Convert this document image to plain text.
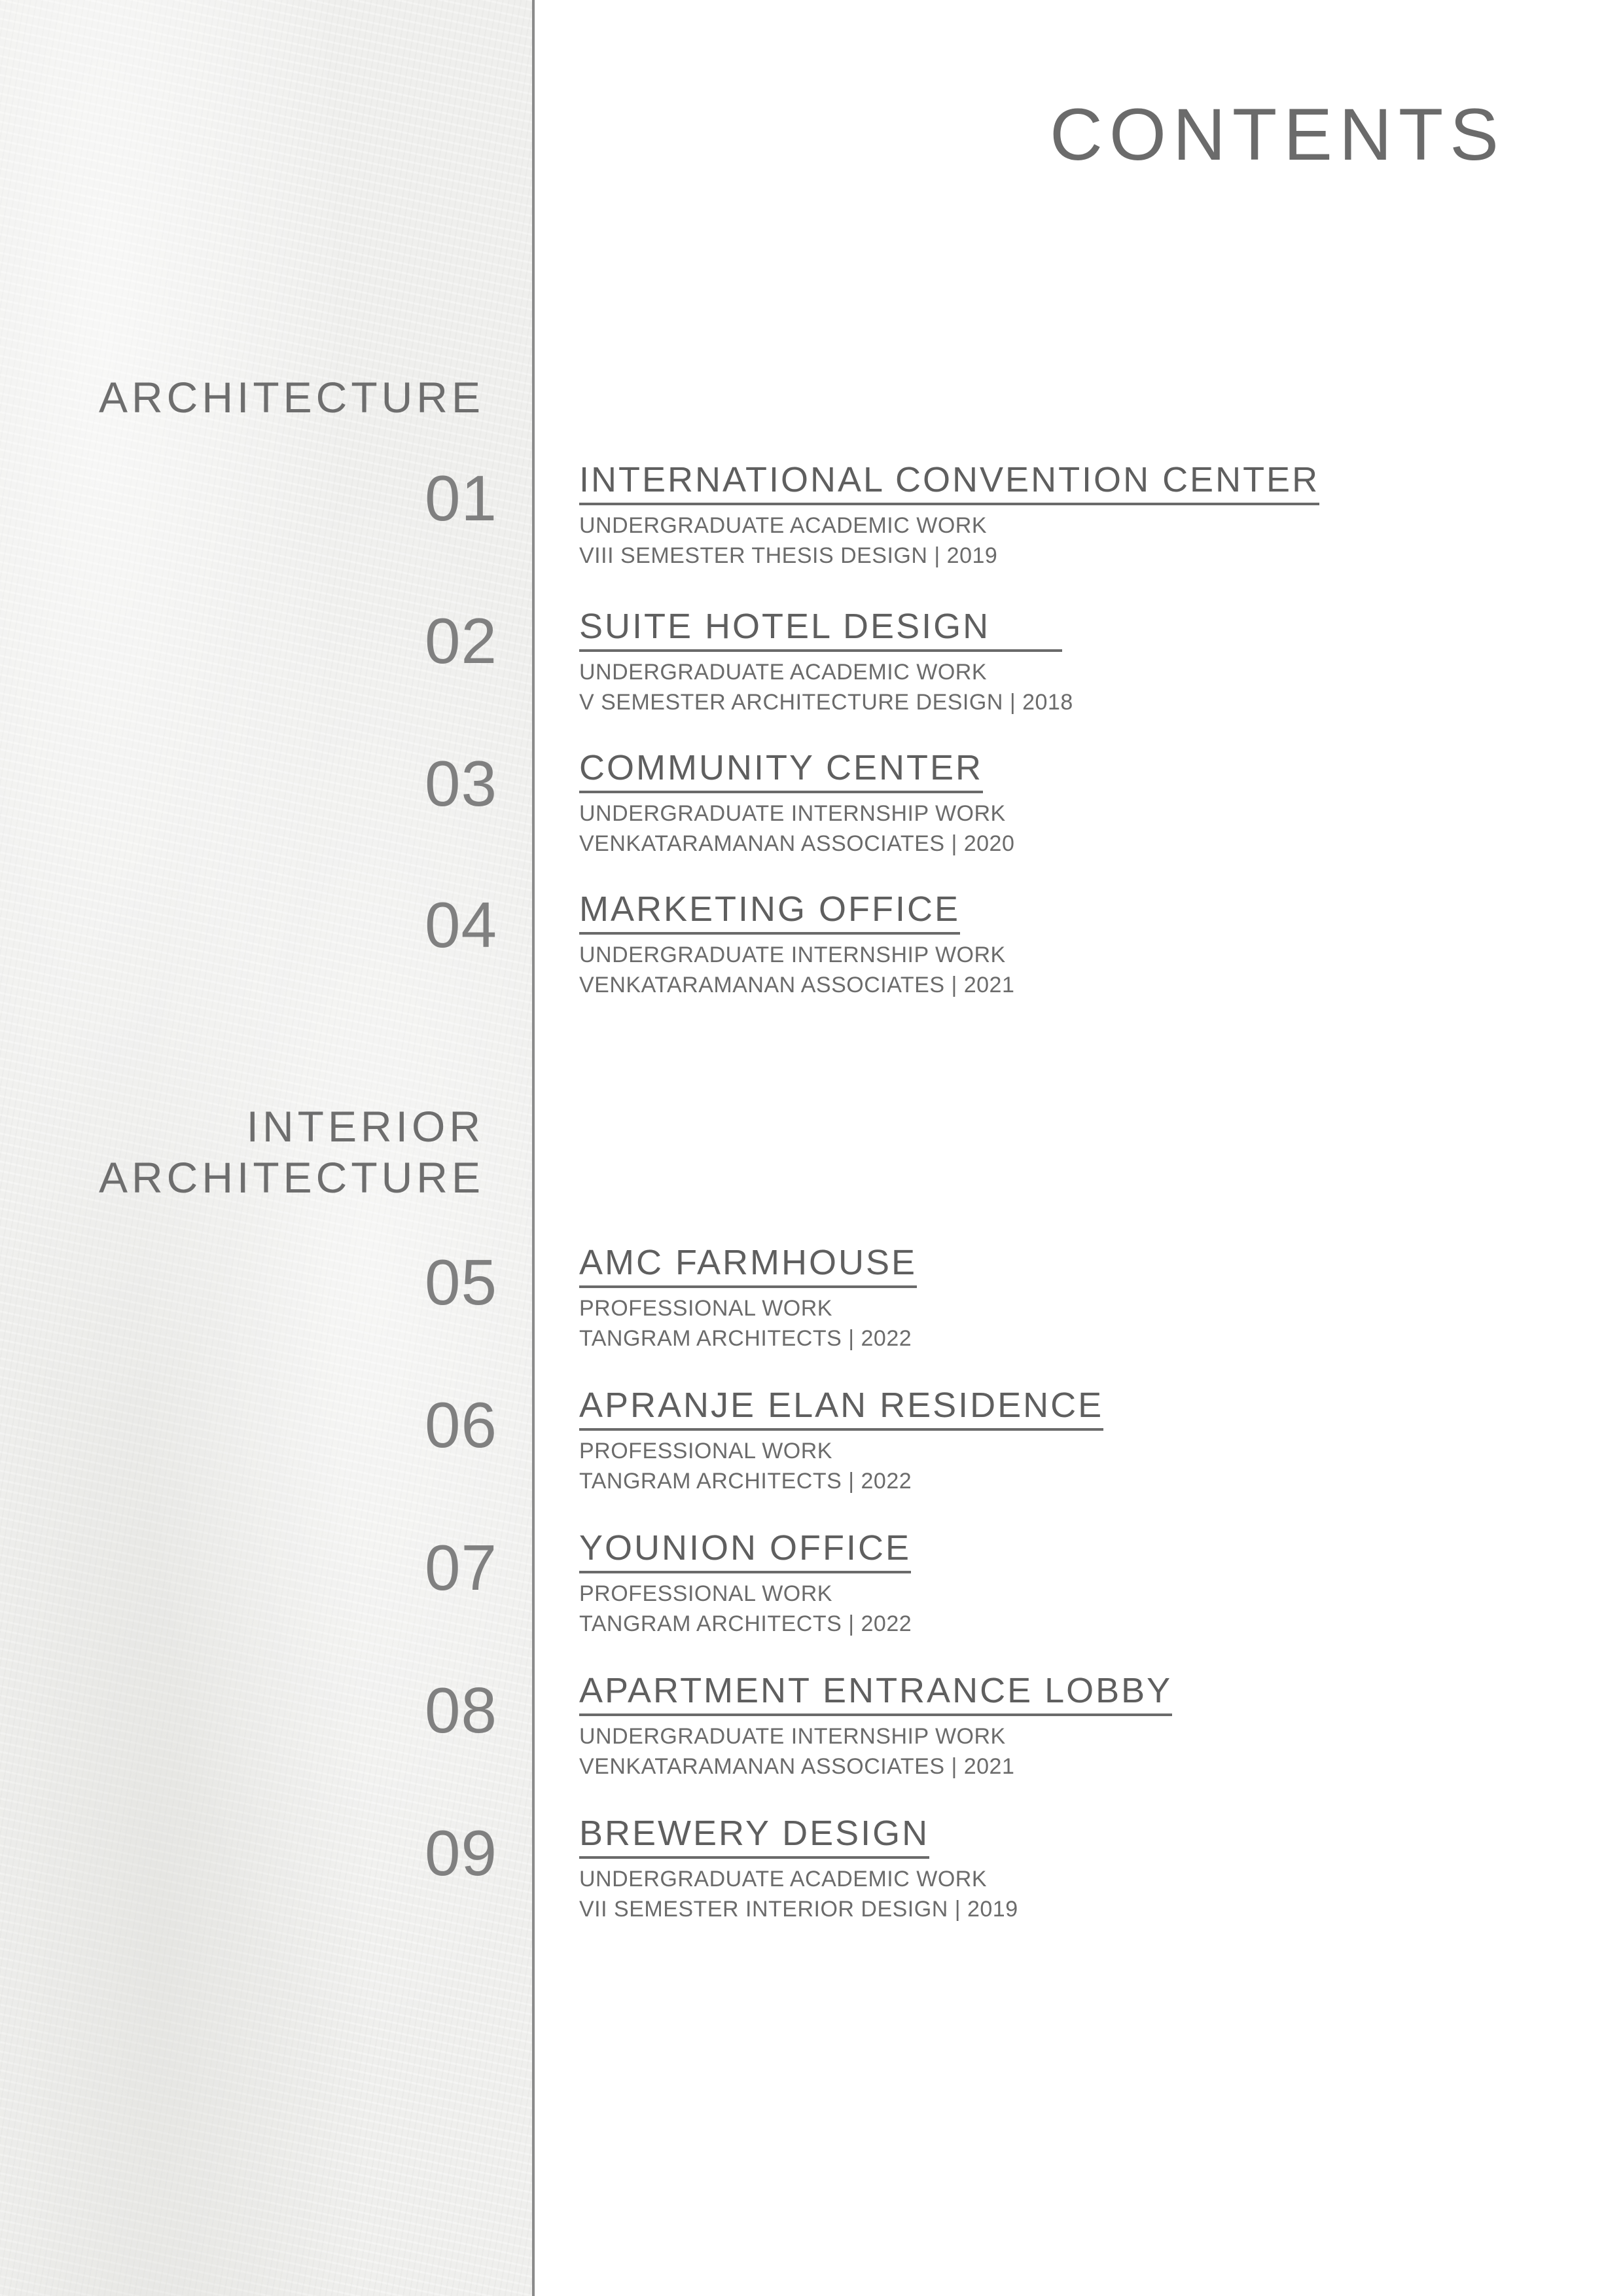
CONTENTS
ARCHITECTURE
INTERIOR
ARCHITECTURE
01 INTERNATIONAL CONVENTION CENTER
UNDERGRADUATE ACADEMIC WORK
VIII SEMESTER THESIS DESIGN | 2019
02 SUITE HOTEL DESIGN
UNDERGRADUATE ACADEMIC WORK
V SEMESTER ARCHITECTURE DESIGN | 2018
03 COMMUNITY CENTER
UNDERGRADUATE INTERNSHIP WORK
VENKATARAMANAN ASSOCIATES | 2020
04 MARKETING OFFICE
UNDERGRADUATE INTERNSHIP WORK
VENKATARAMANAN ASSOCIATES | 2021
05 AMC FARMHOUSE
PROFESSIONAL WORK
TANGRAM ARCHITECTS | 2022
06 APRANJE ELAN RESIDENCE
PROFESSIONAL WORK
TANGRAM ARCHITECTS | 2022
07 YOUNION OFFICE
PROFESSIONAL WORK
TANGRAM ARCHITECTS | 2022
08 APARTMENT ENTRANCE LOBBY
UNDERGRADUATE INTERNSHIP WORK
VENKATARAMANAN ASSOCIATES | 2021
09 BREWERY DESIGN
UNDERGRADUATE ACADEMIC WORK
VII SEMESTER INTERIOR DESIGN | 2019
